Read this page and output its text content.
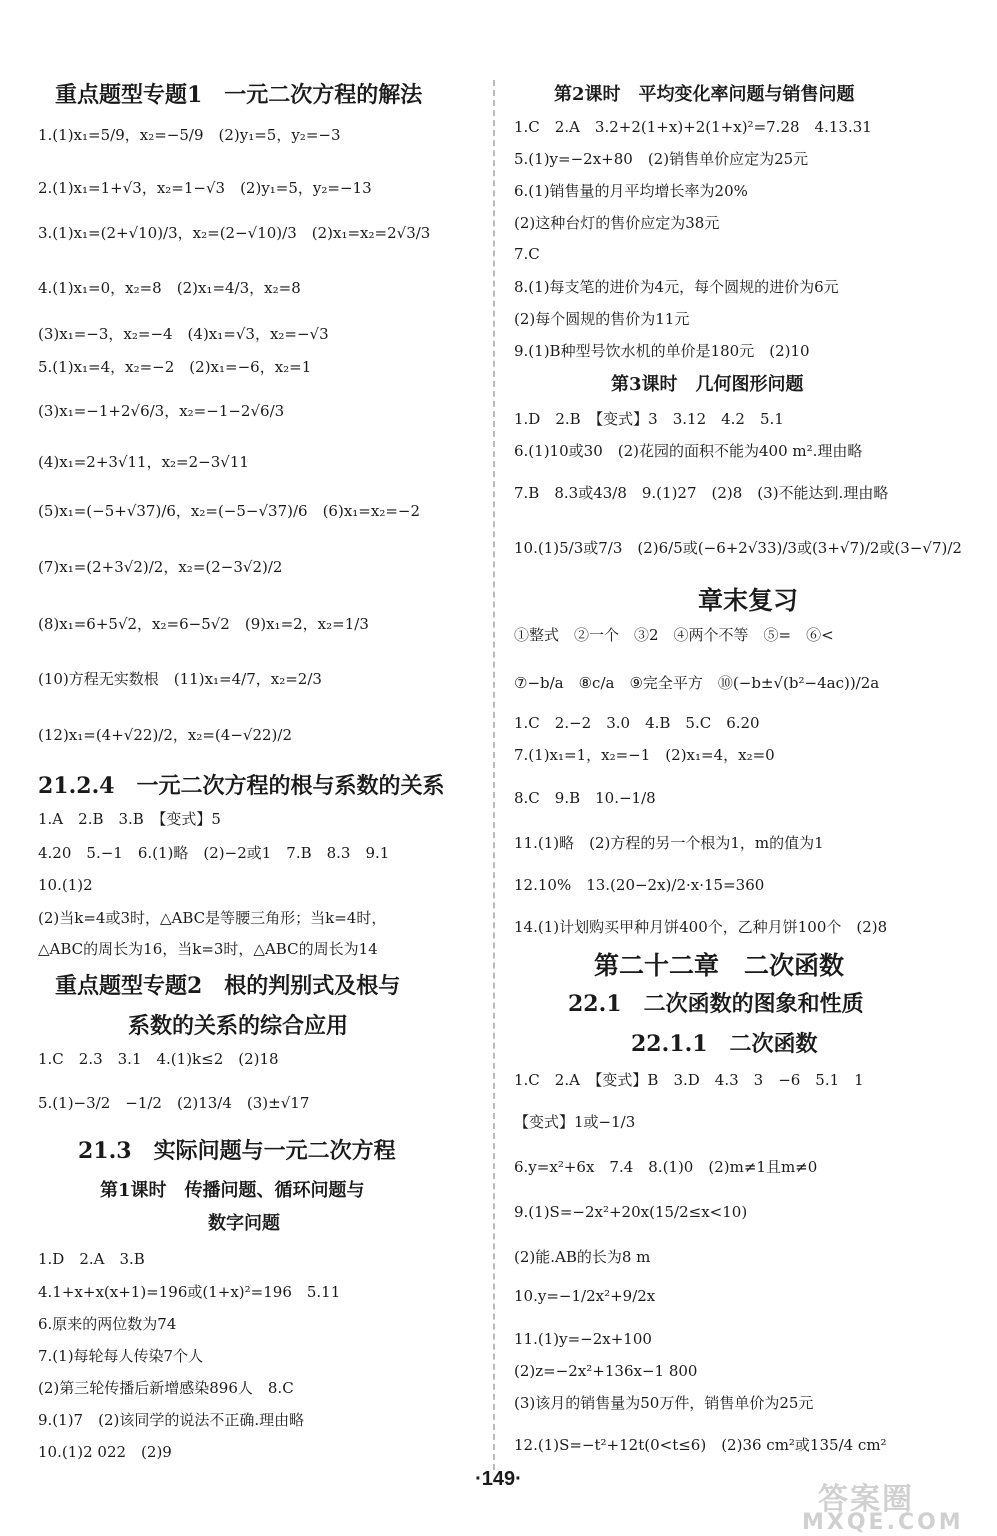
重点题型专题1　一元二次方程的解法
1.(1)x₁=5/9，x₂=−5/9　(2)y₁=5，y₂=−3
2.(1)x₁=1+√3，x₂=1−√3　(2)y₁=5，y₂=−13
3.(1)x₁=(2+√10)/3，x₂=(2−√10)/3　(2)x₁=x₂=2√3/3
4.(1)x₁=0，x₂=8　(2)x₁=4/3，x₂=8
(3)x₁=−3，x₂=−4　(4)x₁=√3，x₂=−√3
5.(1)x₁=4，x₂=−2　(2)x₁=−6，x₂=1
(3)x₁=−1+2√6/3，x₂=−1−2√6/3
(4)x₁=2+3√11，x₂=2−3√11
(5)x₁=(−5+√37)/6，x₂=(−5−√37)/6　(6)x₁=x₂=−2
(7)x₁=(2+3√2)/2，x₂=(2−3√2)/2
(8)x₁=6+5√2，x₂=6−5√2　(9)x₁=2，x₂=1/3
(10)方程无实数根　(11)x₁=4/7，x₂=2/3
(12)x₁=(4+√22)/2，x₂=(4−√22)/2
21.2.4　一元二次方程的根与系数的关系
1.A　2.B　3.B　【变式】5
4.20　5.−1　6.(1)略　(2)−2或1　7.B　8.3　9.1
10.(1)2
(2)当k=4或3时，△ABC是等腰三角形；当k=4时，
△ABC的周长为16，当k=3时，△ABC的周长为14
重点题型专题2　根的判别式及根与
系数的关系的综合应用
1.C　2.3　3.1　4.(1)k≤2　(2)18
5.(1)−3/2　−1/2　(2)13/4　(3)±√17
21.3　实际问题与一元二次方程
第1课时　传播问题、循环问题与
数字问题
1.D　2.A　3.B
4.1+x+x(x+1)=196或(1+x)²=196　5.11
6.原来的两位数为74
7.(1)每轮每人传染7个人
(2)第三轮传播后新增感染896人　8.C
9.(1)7　(2)该同学的说法不正确.理由略
10.(1)2 022　(2)9
第2课时　平均变化率问题与销售问题
1.C　2.A　3.2+2(1+x)+2(1+x)²=7.28　4.13.31
5.(1)y=−2x+80　(2)销售单价应定为25元
6.(1)销售量的月平均增长率为20%
(2)这种台灯的售价应定为38元
7.C
8.(1)每支笔的进价为4元，每个圆规的进价为6元
(2)每个圆规的售价为11元
9.(1)B种型号饮水机的单价是180元　(2)10
第3课时　几何图形问题
1.D　2.B　【变式】3　3.12　4.2　5.1
6.(1)10或30　(2)花园的面积不能为400 m².理由略
7.B　8.3或43/8　9.(1)27　(2)8　(3)不能达到.理由略
10.(1)5/3或7/3　(2)6/5或(−6+2√33)/3或(3+√7)/2或(3−√7)/2
章末复习
①整式　②一个　③2　④两个不等　⑤=　⑥<
⑦−b/a　⑧c/a　⑨完全平方　⑩(−b±√(b²−4ac))/2a
1.C　2.−2　3.0　4.B　5.C　6.20
7.(1)x₁=1，x₂=−1　(2)x₁=4，x₂=0
8.C　9.B　10.−1/8
11.(1)略　(2)方程的另一个根为1，m的值为1
12.10%　13.(20−2x)/2·x·15=360
14.(1)计划购买甲种月饼400个，乙种月饼100个　(2)8
第二十二章　二次函数
22.1　二次函数的图象和性质
22.1.1　二次函数
1.C　2.A　【变式】B　3.D　4.3　3　−6　5.1　1
【变式】1或−1/3
6.y=x²+6x　7.4　8.(1)0　(2)m≠1且m≠0
9.(1)S=−2x²+20x(15/2≤x<10)
(2)能.AB的长为8 m
10.y=−1/2x²+9/2x
11.(1)y=−2x+100
(2)z=−2x²+136x−1 800
(3)该月的销售量为50万件，销售单价为25元
12.(1)S=−t²+12t(0<t≤6)　(2)36 cm²或135/4 cm²
·149·
答案圈
MXQE.COM
